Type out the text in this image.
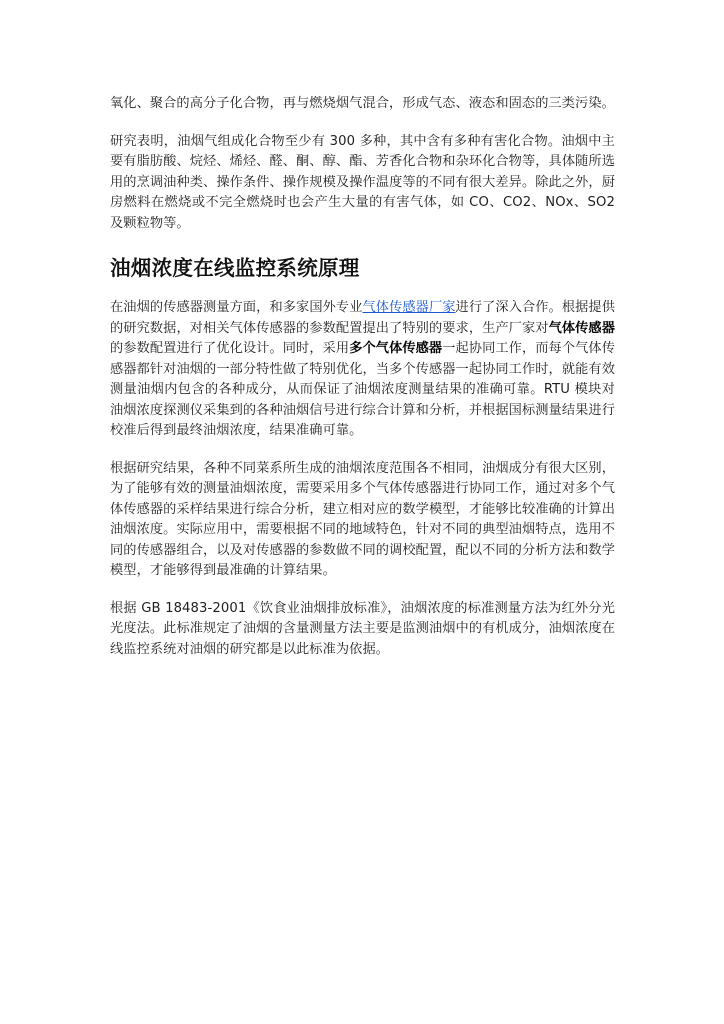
氧化、聚合的高分子化合物，再与燃烧烟气混合，形成气态、液态和固态的三类污染。

研究表明，油烟气组成化合物至少有 300 多种，其中含有多种有害化合物。油烟中主要有脂肪酸、烷烃、烯烃、醛、酮、醇、酯、芳香化合物和杂环化合物等，具体随所选用的烹调油种类、操作条件、操作规模及操作温度等的不同有很大差异。除此之外，厨房燃料在燃烧或不完全燃烧时也会产生大量的有害气体，如 CO、CO2、NOx、SO2 及颗粒物等。

油烟浓度在线监控系统原理

在油烟的传感器测量方面，和多家国外专业气体传感器厂家进行了深入合作。根据提供的研究数据，对相关气体传感器的参数配置提出了特别的要求，生产厂家对气体传感器的参数配置进行了优化设计。同时，采用多个气体传感器一起协同工作，而每个气体传感器都针对油烟的一部分特性做了特别优化，当多个传感器一起协同工作时，就能有效测量油烟内包含的各种成分，从而保证了油烟浓度测量结果的准确可靠。RTU 模块对油烟浓度探测仪采集到的各种油烟信号进行综合计算和分析，并根据国标测量结果进行校准后得到最终油烟浓度，结果准确可靠。

根据研究结果，各种不同菜系所生成的油烟浓度范围各不相同，油烟成分有很大区别，为了能够有效的测量油烟浓度，需要采用多个气体传感器进行协同工作，通过对多个气体传感器的采样结果进行综合分析，建立相对应的数学模型，才能够比较准确的计算出油烟浓度。实际应用中，需要根据不同的地域特色，针对不同的典型油烟特点，选用不同的传感器组合，以及对传感器的参数做不同的调校配置，配以不同的分析方法和数学模型，才能够得到最准确的计算结果。

根据 GB 18483-2001《饮食业油烟排放标准》，油烟浓度的标准测量方法为红外分光光度法。此标准规定了油烟的含量测量方法主要是监测油烟中的有机成分，油烟浓度在线监控系统对油烟的研究都是以此标准为依据。
